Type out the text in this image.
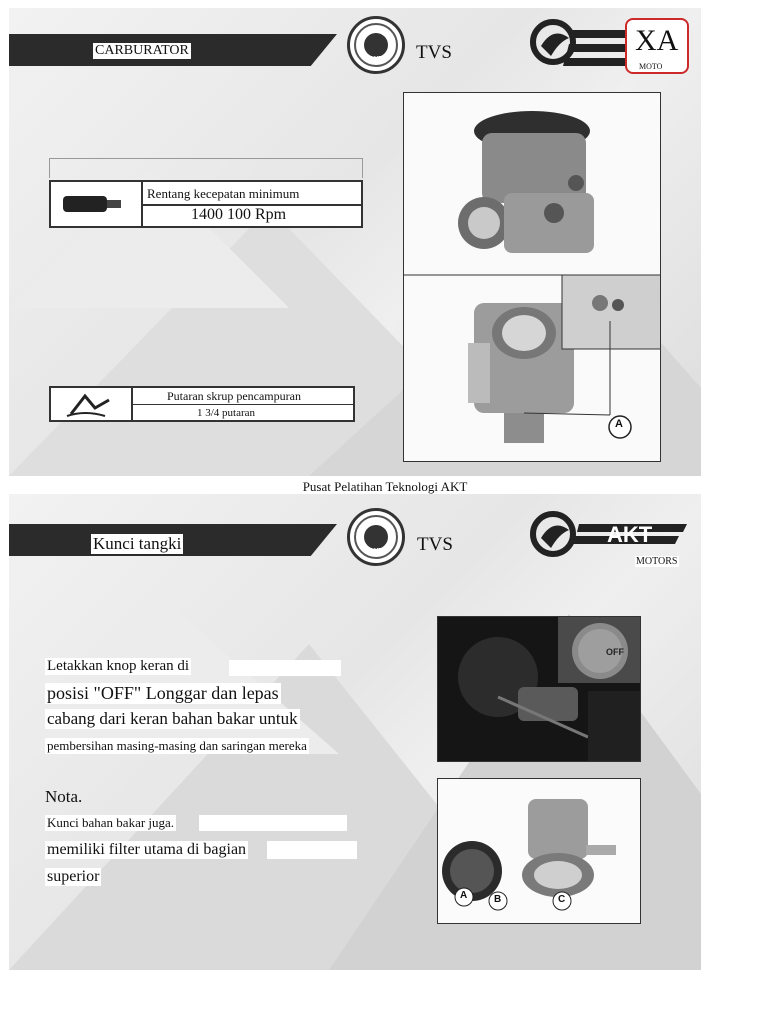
CARBURATOR
AKT	TVS	XA
MOTO
Rentang kecepatan minimum
1400 100 Rpm
A
Putaran skrup pencampuran
1 3/4 putaran
Pusat Pelatihan Teknologi AKT
Kunci tangki	AKT	TVS	AKT
MOTORS
Letakkan knop keran di
posisi "OFF" Longgar dan lepas
cabang dari keran bahan bakar untuk
pembersihan masing-masing dan saringan mereka
Nota.
Kunci bahan bakar juga.
memiliki filter utama di bagian
superior
OFF
A	B	C
